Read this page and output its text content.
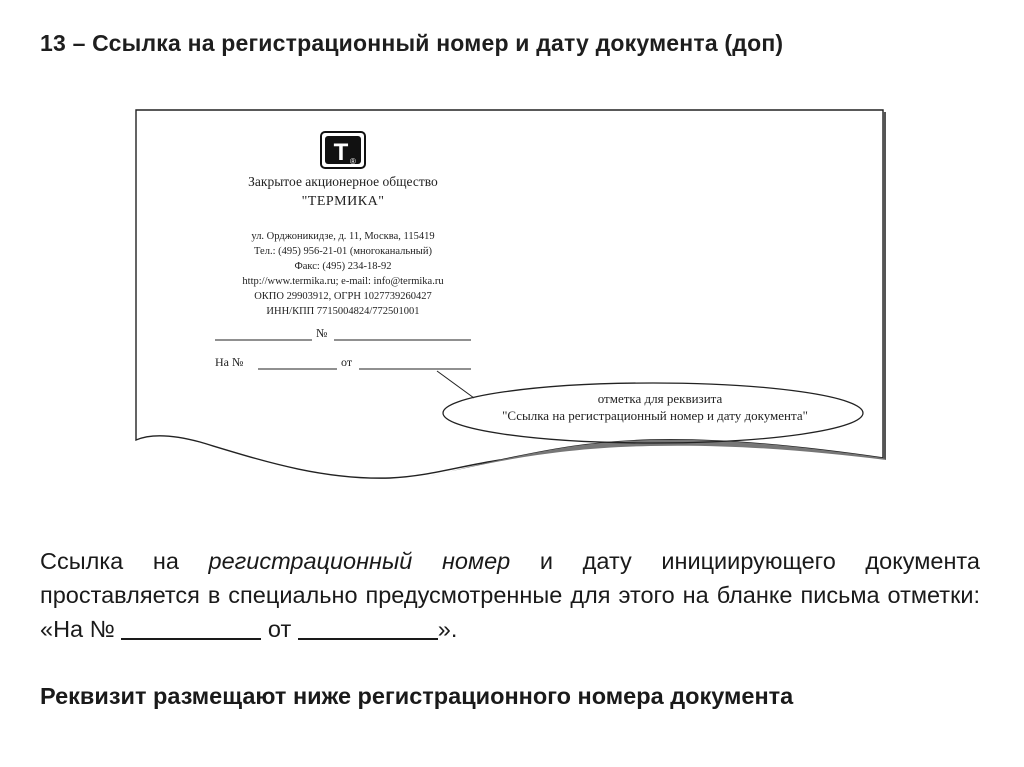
13 – Ссылка на регистрационный номер и дату документа (доп)
Т ®
Закрытое акционерное общество
"ТЕРМИКА"
ул. Орджоникидзе, д. 11, Москва, 115419
Тел.: (495) 956-21-01 (многоканальный)
Факс: (495) 234-18-92
http://www.termika.ru; e-mail: info@termika.ru
ОКПО 29903912, ОГРН 1027739260427
ИНН/КПП 7715004824/772501001
№
На №	от
отметка для реквизита
"Ссылка на регистрационный номер и дату документа"
Ссылка на регистрационный номер и дату инициирующего документа проставляется в специально предусмотренные для этого на бланке письма отметки: «На №	от	».
Реквизит размещают ниже регистрационного номера документа
